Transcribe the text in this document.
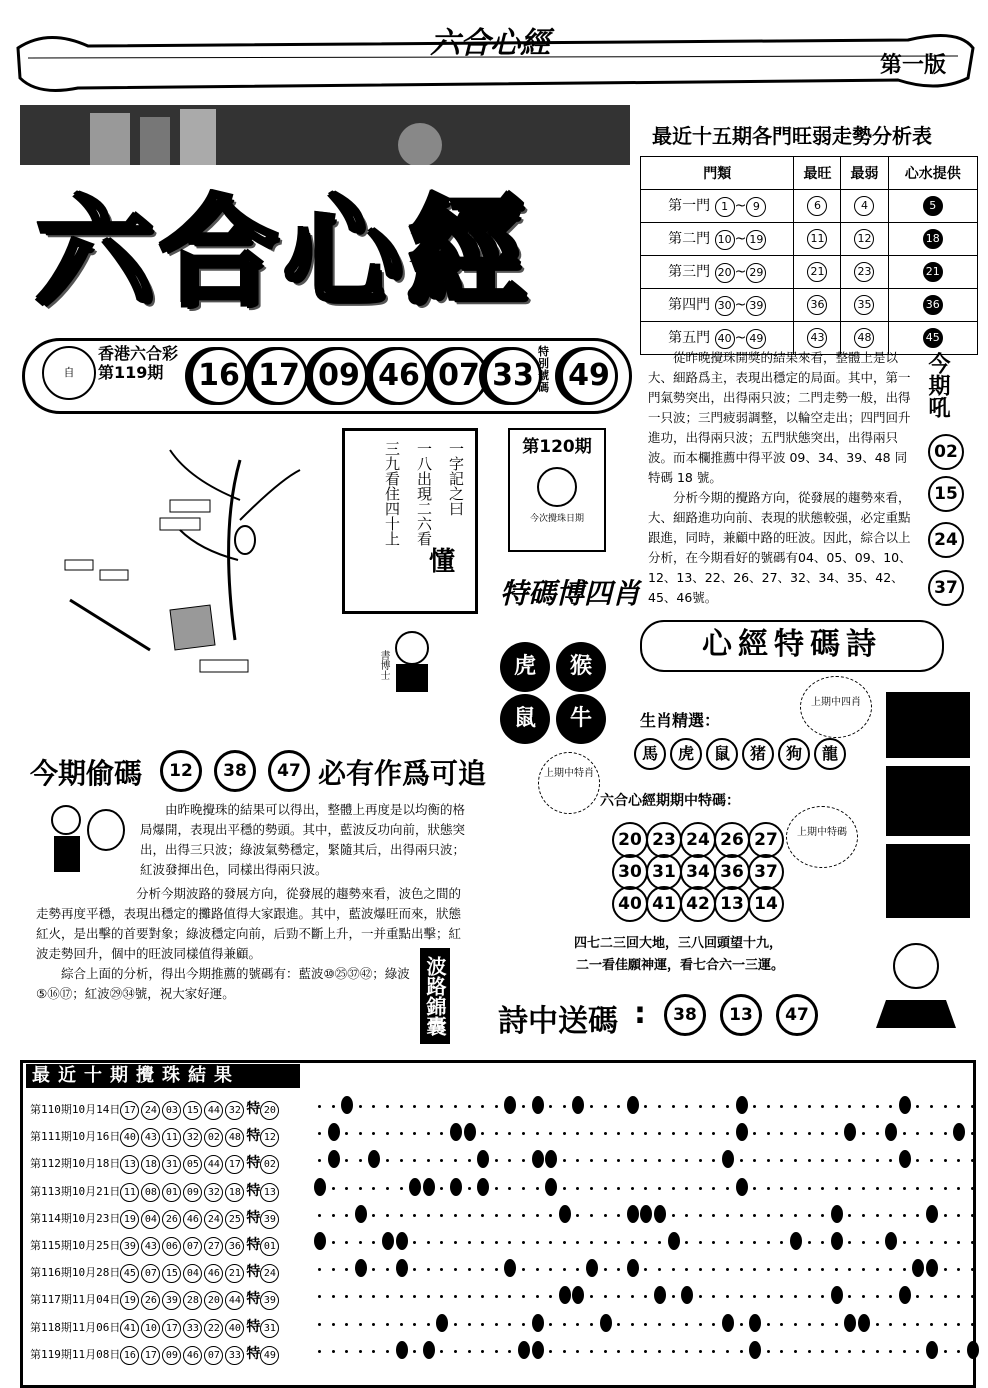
六合心經
第一版
六合心經
自
香港六合彩
第119期	16 17 09 46 07 33
特別號碼 49
最近十五期各門旺弱走勢分析表
門類	最旺	最弱	心水提供
第一門 1 ~ 9	6	4	5
第二門 10 ~ 19	11	12	18
第三門 20 ~ 29	21	23	21
第四門 30 ~ 39	36	35	36
第五門 40 ~ 49	43	48	45

從昨晚攪珠開獎的結果來看，整體上是以大、細路爲主，表現出穩定的局面。其中，第一門氣勢突出，出得兩只波；二門走勢一般，出得一只波；三門疲弱調整，以輪空走出；四門回升進功，出得兩只波；五門狀態突出，出得兩只波。而本欄推薦中得平波 09、34、39、48 同特碼 18 號。

分析今期的攪路方向，從發展的趨勢來看，大、細路進功向前、表現的狀態較强，必定重點跟進，同時，兼顧中路的旺波。因此，綜合以上分析，在今期看好的號碼有04、05、09、10、12、13、22、26、27、32、34、35、42、45、46號。

今期吼
02
15
24
37
一字記之曰
一八出現二六看
三九看住四十上
懂
第120期
今次攪珠日期
特碼博四肖
虎	猴
鼠	牛
上期中特肖
書博士
今期偷碼	12	38	47 必有作爲可追

由昨晚攪珠的結果可以得出，整體上再度是以均衡的格局爆開，表現出平穩的勢頭。其中，藍波反功向前，狀態突出，出得三只波；綠波氣勢穩定，緊隨其后，出得兩只波；紅波發揮出色，同樣出得兩只波。

分析今期波路的發展方向，從發展的趨勢來看，波色之間的走勢再度平穩，表現出穩定的攤路值得大家跟進。其中，藍波爆旺而來，狀態紅火，是出擊的首要對象；綠波穩定向前，后勁不斷上升，一并重點出擊；紅波走勢回升，個中的旺波同樣值得兼顧。

綜合上面的分析，得出今期推薦的號碼有：藍波⑩㉕㊲㊷；綠波⑤⑯⑰；紅波㉙㉞號，祝大家好運。	波路錦囊
心經特碼詩
上期中四肖
生肖精選：
馬	虎	鼠	猪	狗	龍
六合心經期期中特碼：
上期中特碼
20 23 24 26 27
30 31 34 36 37
40 41 42 13 14
四七二三回大地，三八回頭望十九，
二一看佳願神運，看七合六一三運。
詩中送碼 :	38	13	47
最近十期攪珠結果
第110期10月14日 17 24 03 15 44 32 特 20
第111期10月16日 40 43 11 32 02 48 特 12
第112期10月18日 13 18 31 05 44 17 特 02
第113期10月21日 11 08 01 09 32 18 特 13
第114期10月23日 19 04 26 46 24 25 特 39
第115期10月25日 39 43 06 07 27 36 特 01
第116期10月28日 45 07 15 04 46 21 特 24
第117期11月04日 19 26 39 28 20 44 特 39
第118期11月06日 41 10 17 33 22 40 特 31
第119期11月08日 16 17 09 46 07 33 特 49
